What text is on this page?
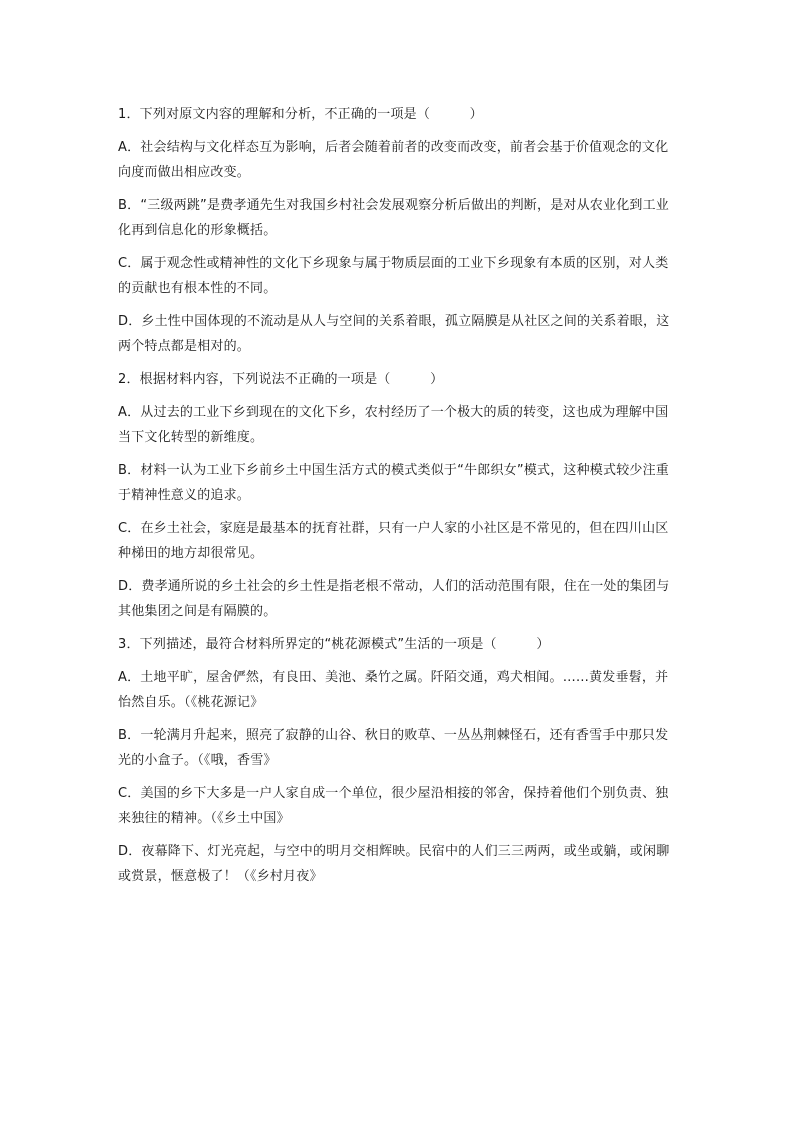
1．下列对原文内容的理解和分析，不正确的一项是（　　　）

A．社会结构与文化样态互为影响，后者会随着前者的改变而改变，前者会基于价值观念的文化向度而做出相应改变。

B．“三级两跳”是费孝通先生对我国乡村社会发展观察分析后做出的判断，是对从农业化到工业化再到信息化的形象概括。

C．属于观念性或精神性的文化下乡现象与属于物质层面的工业下乡现象有本质的区别，对人类的贡献也有根本性的不同。

D．乡土性中国体现的不流动是从人与空间的关系着眼，孤立隔膜是从社区之间的关系着眼，这两个特点都是相对的。

2．根据材料内容，下列说法不正确的一项是（　　　）

A．从过去的工业下乡到现在的文化下乡，农村经历了一个极大的质的转变，这也成为理解中国当下文化转型的新维度。

B．材料一认为工业下乡前乡土中国生活方式的模式类似于“牛郎织女”模式，这种模式较少注重于精神性意义的追求。

C．在乡土社会，家庭是最基本的抚育社群，只有一户人家的小社区是不常见的，但在四川山区种梯田的地方却很常见。

D．费孝通所说的乡土社会的乡土性是指老根不常动，人们的活动范围有限，住在一处的集团与其他集团之间是有隔膜的。

3．下列描述，最符合材料所界定的“桃花源模式”生活的一项是（　　　）

A．土地平旷，屋舍俨然，有良田、美池、桑竹之属。阡陌交通，鸡犬相闻。……黄发垂髫，并怡然自乐。（《桃花源记》

B．一轮满月升起来，照亮了寂静的山谷、秋日的败草、一丛丛荆棘怪石，还有香雪手中那只发光的小盒子。（《哦，香雪》

C．美国的乡下大多是一户人家自成一个单位，很少屋沿相接的邻舍，保持着他们个别负责、独来独往的精神。（《乡土中国》

D．夜幕降下、灯光亮起，与空中的明月交相辉映。民宿中的人们三三两两，或坐或躺，或闲聊或赏景，惬意极了！（《乡村月夜》
